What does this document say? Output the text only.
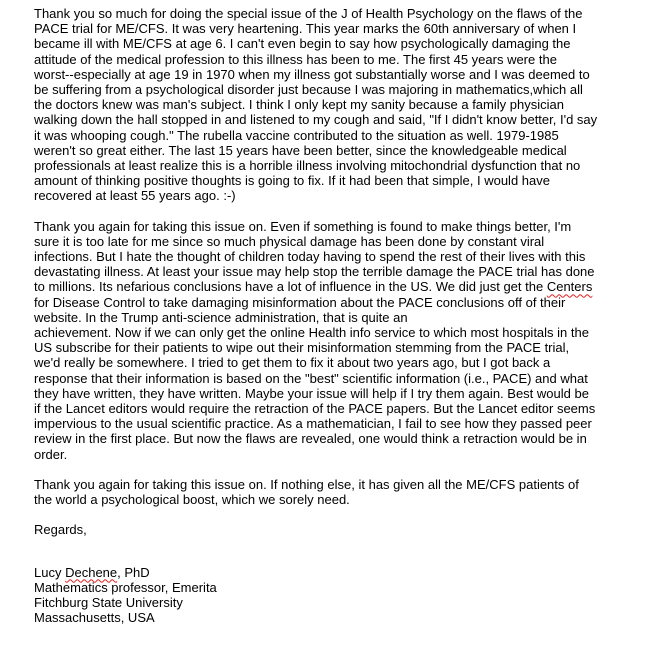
Thank you so much for doing the special issue of the J of Health Psychology on the flaws of the
PACE trial for ME/CFS. It was very heartening. This year marks the 60th anniversary of when I
became ill with ME/CFS at age 6. I can't even begin to say how psychologically damaging the
attitude of the medical profession to this illness has been to me. The first 45 years were the
worst--especially at age 19 in 1970 when my illness got substantially worse and I was deemed to
be suffering from a psychological disorder just because I was majoring in mathematics,which all
the doctors knew was man's subject. I think I only kept my sanity because a family physician
walking down the hall stopped in and listened to my cough and said, "If I didn't know better, I'd say
it was whooping cough." The rubella vaccine contributed to the situation as well. 1979-1985
weren't so great either. The last 15 years have been better, since the knowledgeable medical
professionals at least realize this is a horrible illness involving mitochondrial dysfunction that no
amount of thinking positive thoughts is going to fix. If it had been that simple, I would have
recovered at least 55 years ago. :-)

Thank you again for taking this issue on. Even if something is found to make things better, I'm
sure it is too late for me since so much physical damage has been done by constant viral
infections. But I hate the thought of children today having to spend the rest of their lives with this
devastating illness. At least your issue may help stop the terrible damage the PACE trial has done
to millions. Its nefarious conclusions have a lot of influence in the US. We did just get the Centers
for Disease Control to take damaging misinformation about the PACE conclusions off of their
website. In the Trump anti-science administration, that is quite an
achievement. Now if we can only get the online Health info service to which most hospitals in the
US subscribe for their patients to wipe out their misinformation stemming from the PACE trial,
we'd really be somewhere. I tried to get them to fix it about two years ago, but I got back a
response that their information is based on the "best" scientific information (i.e., PACE) and what
they have written, they have written. Maybe your issue will help if I try them again. Best would be
if the Lancet editors would require the retraction of the PACE papers. But the Lancet editor seems
impervious to the usual scientific practice. As a mathematician, I fail to see how they passed peer
review in the first place. But now the flaws are revealed, one would think a retraction would be in
order.

Thank you again for taking this issue on. If nothing else, it has given all the ME/CFS patients of
the world a psychological boost, which we sorely need.

Regards,

Lucy Dechene, PhD
Mathematics professor, Emerita
Fitchburg State University
Massachusetts, USA
